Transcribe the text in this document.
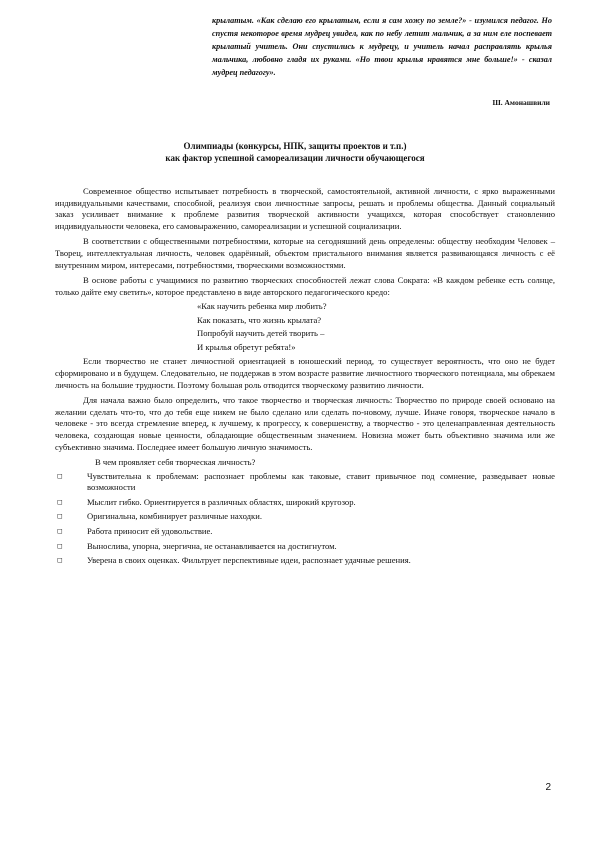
крылатым. «Как сделаю его крылатым, если я сам хожу по земле?» - изумился педагог. Но спустя некоторое время мудрец увидел, как по небу летит мальчик, а за ним еле поспевает крылатый учитель. Они спустились к мудрецу, и учитель начал расправлять крылья мальчика, любовно гладя их руками. «Но твои крылья нравятся мне больше!» - сказал мудрец педагогу».
Ш. Амонашвили
Олимпиады (конкурсы, НПК, защиты проектов и т.п.)
как фактор успешной самореализации личности обучающегося

Современное общество испытывает потребность в творческой, самостоятельной, активной личности, с ярко выраженными индивидуальными качествами, способной, реализуя свои личностные запросы, решать и проблемы общества. Данный социальный заказ усиливает внимание к проблеме развития творческой активности учащихся, которая способствует становлению индивидуальности человека, его самовыражению, самореализации и успешной социализации.

В соответствии с общественными потребностями, которые на сегодняшний день определены: обществу необходим Человек – Творец, интеллектуальная личность, человек одарённый, объектом пристального внимания является развивающаяся личность с её внутренним миром, интересами, потребностями, творческими возможностями.

В основе работы с учащимися по развитию творческих способностей лежат слова Сократа: «В каждом ребенке есть солнце, только дайте ему светить», которое представлено в виде авторского педагогического кредо:

«Как научить ребенка мир любить?
Как показать, что жизнь крылата?
Попробуй научить детей творить –
И крылья обретут ребята!»

Если творчество не станет личностной ориентацией в юношеский период, то существует вероятность, что оно не будет сформировано и в будущем. Следовательно, не поддержав в этом возрасте развитие личностного творческого потенциала, мы обрекаем личность на большие трудности. Поэтому большая роль отводится творческому развитию личности.

Для начала важно было определить, что такое творчество и творческая личность: Творчество по природе своей основано на желании сделать что-то, что до тебя еще никем не было сделано или сделать по-новому, лучше. Иначе говоря, творческое начало в человеке - это всегда стремление вперед, к лучшему, к прогрессу, к совершенству, а творчество - это целенаправленная деятельность человека, создающая новые ценности, обладающие общественным значением. Новизна может быть объективно значима или же субъективно значима. Последнее имеет большую личную значимость.

В чем проявляет себя творческая личность?
◻	Чувствительна к проблемам: распознает проблемы как таковые, ставит привычное под сомнение, разведывает новые возможности
◻	Мыслит гибко. Ориентируется в различных областях, широкий кругозор.
◻	Оригинальна, комбинирует различные находки.
◻	Работа приносит ей удовольствие.
◻	Вынослива, упорна, энергична, не останавливается на достигнутом.
◻	Уверена в своих оценках. Фильтрует перспективные идеи, распознает удачные решения.
2
